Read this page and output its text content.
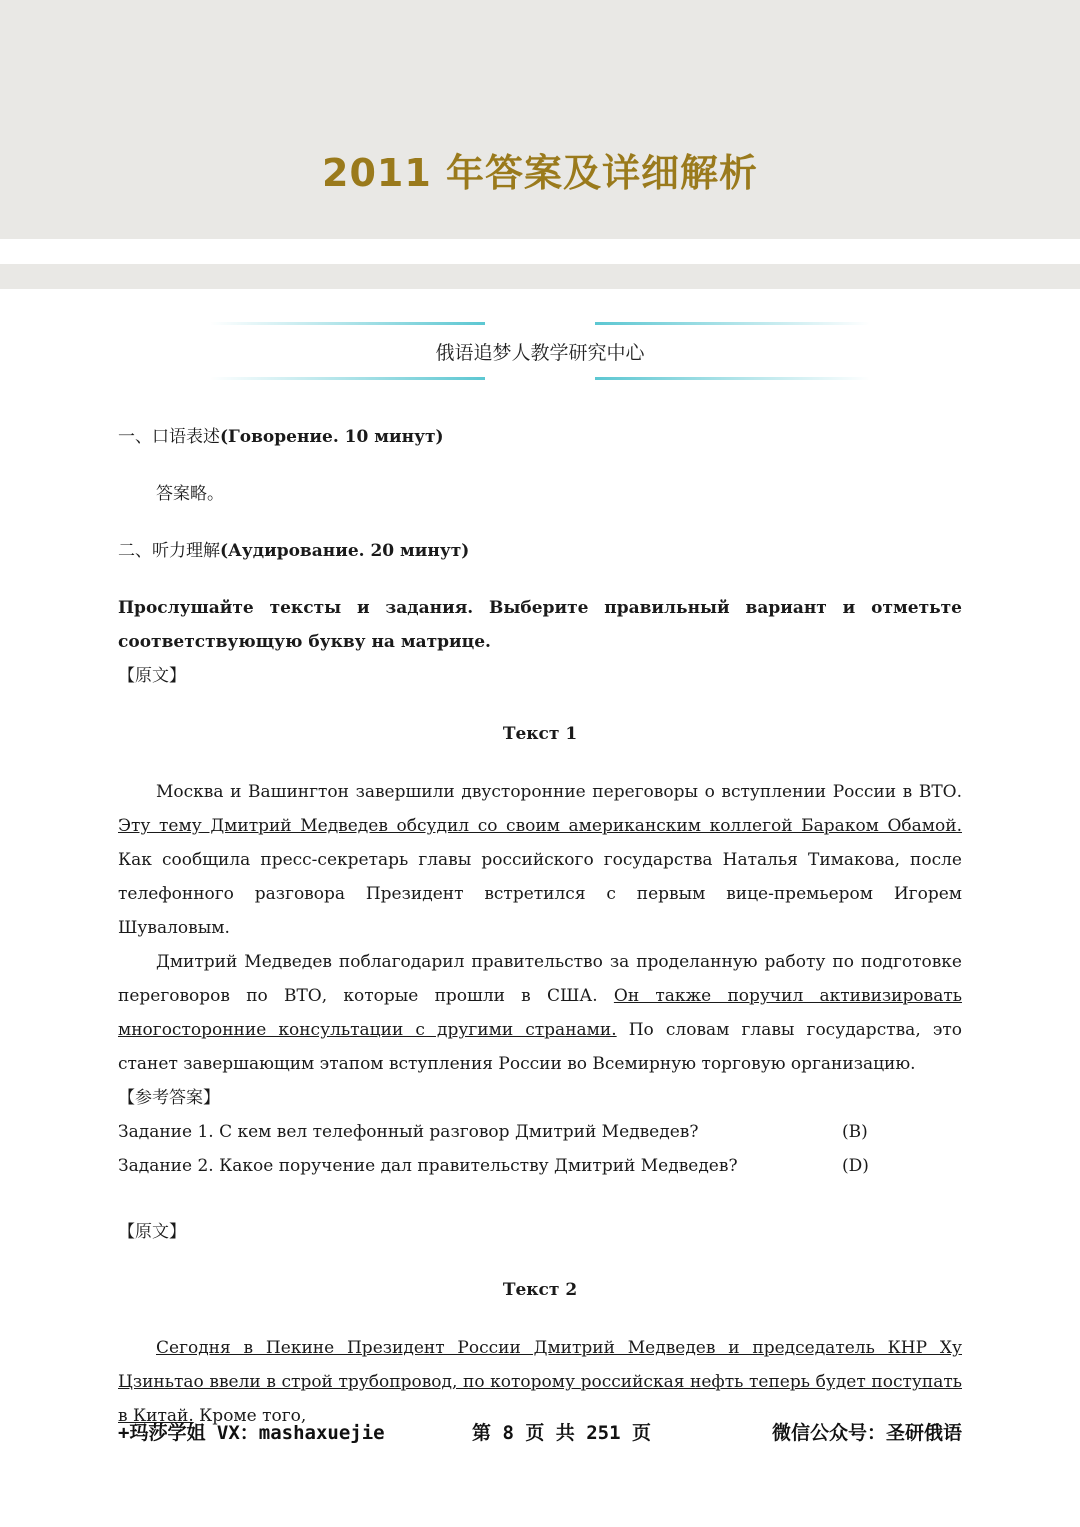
2011 年答案及详细解析
俄语追梦人教学研究中心

一、口语表述(Говорение. 10 минут)

答案略。

二、听力理解(Аудирование. 20 минут)

Прослушайте тексты и задания. Выберите правильный вариант и отметьте соответствующую букву на матрице.

【原文】

Текст 1

Москва и Вашингтон завершили двусторонние переговоры о вступлении России в ВТО. Эту тему Дмитрий Медведев обсудил со своим американским коллегой Бараком Обамой. Как сообщила пресс-секретарь главы российского государства Наталья Тимакова, после телефонного разговора Президент встретился с первым вице-премьером Игорем Шуваловым.

Дмитрий Медведев поблагодарил правительство за проделанную работу по подготовке переговоров по ВТО, которые прошли в США. Он также поручил активизировать многосторонние консультации с другими странами. По словам главы государства, это станет завершающим этапом вступления России во Всемирную торговую организацию.

【参考答案】

Задание 1. С кем вел телефонный разговор Дмитрий Медведев?	(B)
Задание 2. Какое поручение дал правительству Дмитрий Медведев?	(D)

【原文】

Текст 2

Сегодня в Пекине Президент России Дмитрий Медведев и председатель КНР Ху Цзиньтао ввели в строй трубопровод, по которому российская нефть теперь будет поступать в Китай. Кроме того,

+玛莎学姐 VX：mashaxuejie	第 8 页 共 251 页	微信公众号：圣研俄语
